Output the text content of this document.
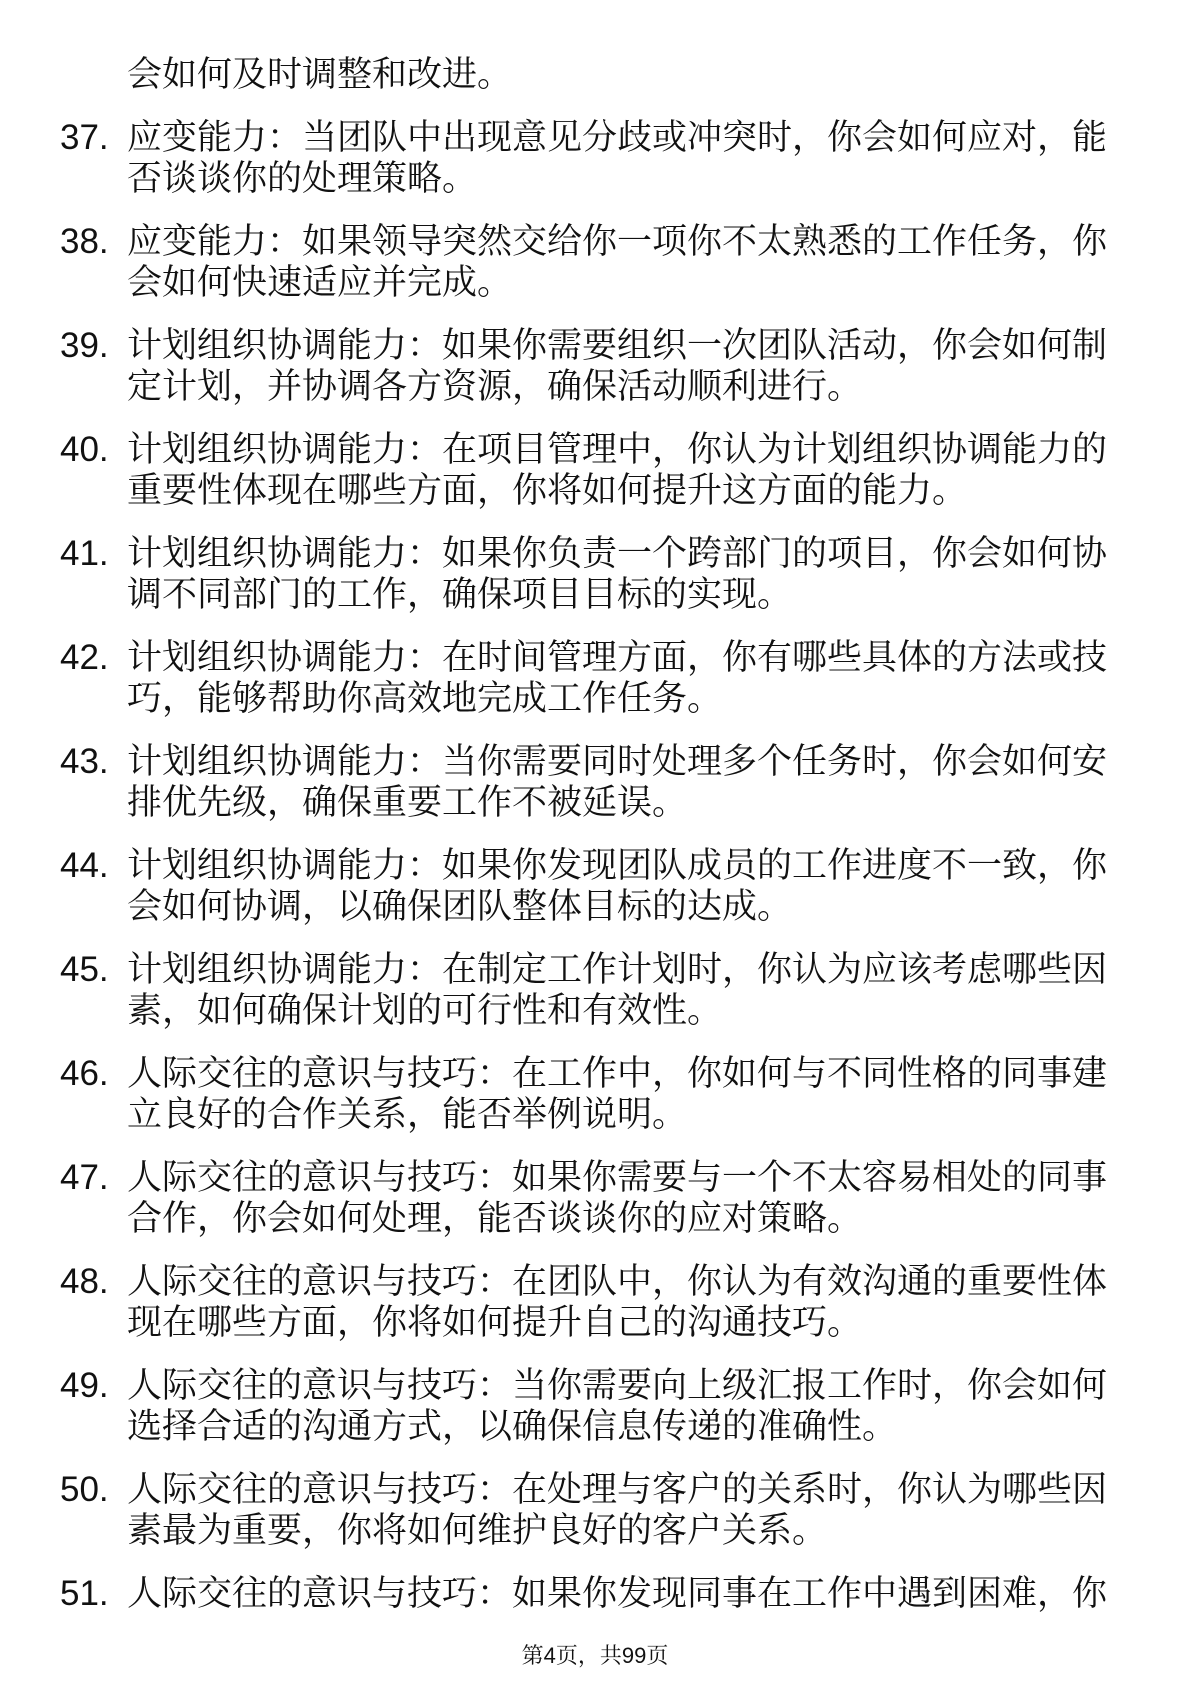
会如何及时调整和改进。
37. 应变能力：当团队中出现意见分歧或冲突时，你会如何应对，能
否谈谈你的处理策略。
38. 应变能力：如果领导突然交给你一项你不太熟悉的工作任务，你
会如何快速适应并完成。
39. 计划组织协调能力：如果你需要组织一次团队活动，你会如何制
定计划，并协调各方资源，确保活动顺利进行。
40. 计划组织协调能力：在项目管理中，你认为计划组织协调能力的
重要性体现在哪些方面，你将如何提升这方面的能力。
41. 计划组织协调能力：如果你负责一个跨部门的项目，你会如何协
调不同部门的工作，确保项目目标的实现。
42. 计划组织协调能力：在时间管理方面，你有哪些具体的方法或技
巧，能够帮助你高效地完成工作任务。
43. 计划组织协调能力：当你需要同时处理多个任务时，你会如何安
排优先级，确保重要工作不被延误。
44. 计划组织协调能力：如果你发现团队成员的工作进度不一致，你
会如何协调，以确保团队整体目标的达成。
45. 计划组织协调能力：在制定工作计划时，你认为应该考虑哪些因
素，如何确保计划的可行性和有效性。
46. 人际交往的意识与技巧：在工作中，你如何与不同性格的同事建
立良好的合作关系，能否举例说明。
47. 人际交往的意识与技巧：如果你需要与一个不太容易相处的同事
合作，你会如何处理，能否谈谈你的应对策略。
48. 人际交往的意识与技巧：在团队中，你认为有效沟通的重要性体
现在哪些方面，你将如何提升自己的沟通技巧。
49. 人际交往的意识与技巧：当你需要向上级汇报工作时，你会如何
选择合适的沟通方式，以确保信息传递的准确性。
50. 人际交往的意识与技巧：在处理与客户的关系时，你认为哪些因
素最为重要，你将如何维护良好的客户关系。
51. 人际交往的意识与技巧：如果你发现同事在工作中遇到困难，你
第4页，共99页
